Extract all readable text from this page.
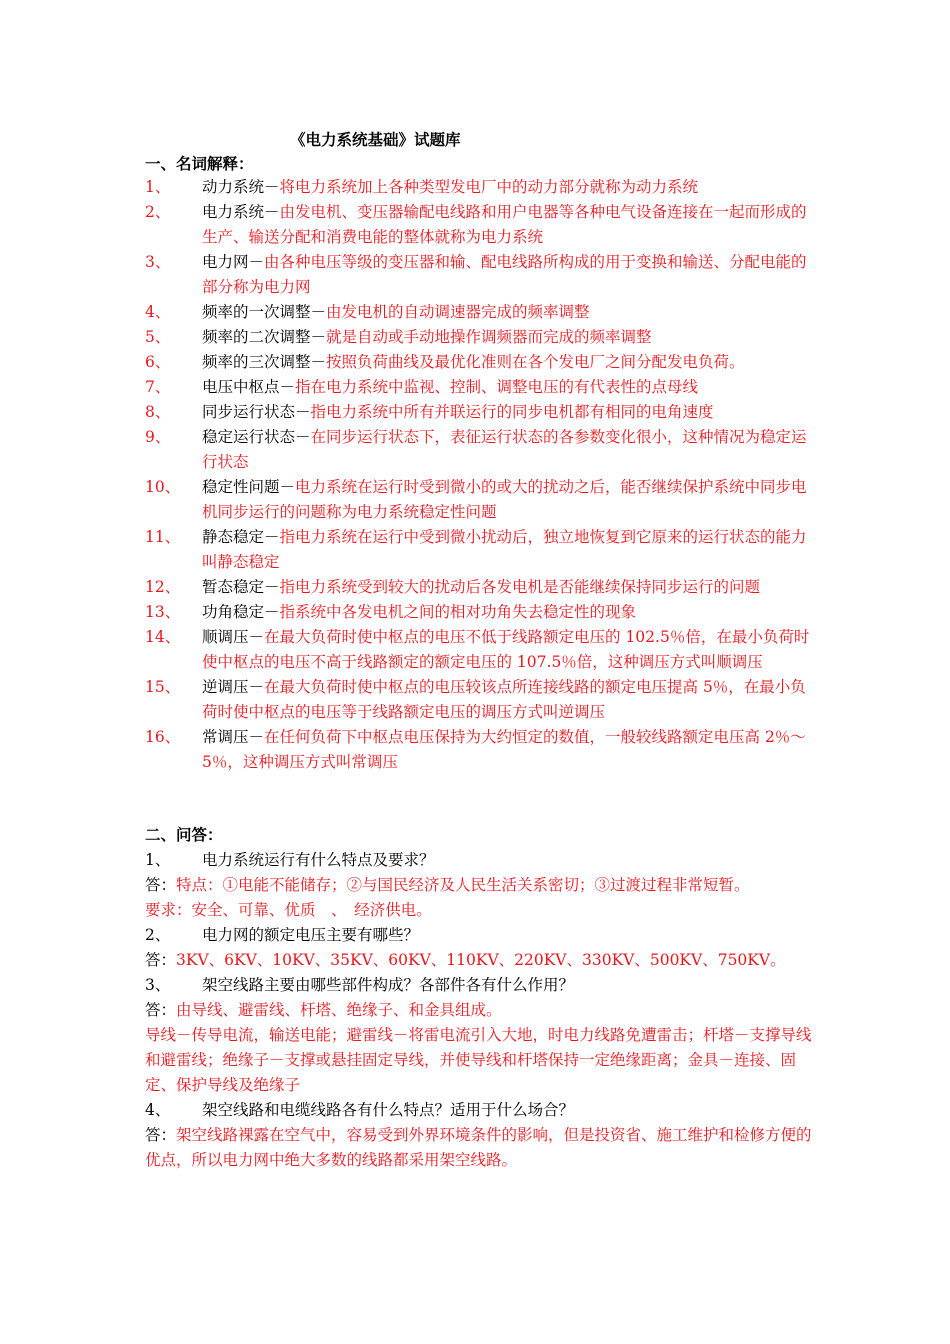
《电力系统基础》试题库
一、名词解释：
1、	动力系统－将电力系统加上各种类型发电厂中的动力部分就称为动力系统
2、	电力系统－由发电机、变压器输配电线路和用户电器等各种电气设备连接在一起而形成的生产、输送分配和消费电能的整体就称为电力系统
3、	电力网－由各种电压等级的变压器和输、配电线路所构成的用于变换和输送、分配电能的部分称为电力网
4、	频率的一次调整－由发电机的自动调速器完成的频率调整
5、	频率的二次调整－就是自动或手动地操作调频器而完成的频率调整
6、	频率的三次调整－按照负荷曲线及最优化准则在各个发电厂之间分配发电负荷。
7、	电压中枢点－指在电力系统中监视、控制、调整电压的有代表性的点母线
8、	同步运行状态－指电力系统中所有并联运行的同步电机都有相同的电角速度
9、	稳定运行状态－在同步运行状态下，表征运行状态的各参数变化很小，这种情况为稳定运行状态
10、	稳定性问题－电力系统在运行时受到微小的或大的扰动之后，能否继续保护系统中同步电机同步运行的问题称为电力系统稳定性问题
11、	静态稳定－指电力系统在运行中受到微小扰动后，独立地恢复到它原来的运行状态的能力叫静态稳定
12、	暂态稳定－指电力系统受到较大的扰动后各发电机是否能继续保持同步运行的问题
13、	功角稳定－指系统中各发电机之间的相对功角失去稳定性的现象
14、	顺调压－在最大负荷时使中枢点的电压不低于线路额定电压的 102.5％倍，在最小负荷时使中枢点的电压不高于线路额定的额定电压的 107.5％倍，这种调压方式叫顺调压
15、	逆调压－在最大负荷时使中枢点的电压较该点所连接线路的额定电压提高 5％，在最小负荷时使中枢点的电压等于线路额定电压的调压方式叫逆调压
16、	常调压－在任何负荷下中枢点电压保持为大约恒定的数值，一般较线路额定电压高 2％～5％，这种调压方式叫常调压
二、问答：
1、	电力系统运行有什么特点及要求？
答：特点：①电能不能储存；②与国民经济及人民生活关系密切；③过渡过程非常短暂。
要求：安全、可靠、优质　、　经济供电。
2、	电力网的额定电压主要有哪些？
答：3KV、6KV、10KV、35KV、60KV、110KV、220KV、330KV、500KV、750KV。
3、	架空线路主要由哪些部件构成？各部件各有什么作用？
答：由导线、避雷线、杆塔、绝缘子、和金具组成。
导线－传导电流，输送电能；避雷线－将雷电流引入大地，时电力线路免遭雷击；杆塔－支撑导线和避雷线；绝缘子－支撑或悬挂固定导线，并使导线和杆塔保持一定绝缘距离；金具－连接、固定、保护导线及绝缘子
4、	架空线路和电缆线路各有什么特点？适用于什么场合？
答：架空线路裸露在空气中，容易受到外界环境条件的影响，但是投资省、施工维护和检修方便的优点，所以电力网中绝大多数的线路都采用架空线路。
